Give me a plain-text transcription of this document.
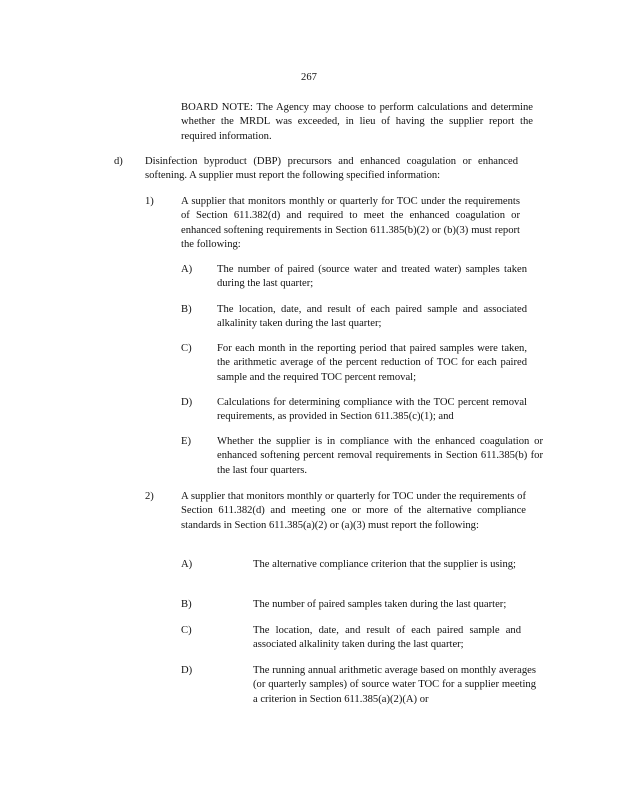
267
BOARD NOTE: The Agency may choose to perform calculations and determine whether the MRDL was exceeded, in lieu of having the supplier report the required information.
d) Disinfection byproduct (DBP) precursors and enhanced coagulation or enhanced softening. A supplier must report the following specified information:
1)	A supplier that monitors monthly or quarterly for TOC under the requirements of Section 611.382(d) and required to meet the enhanced coagulation or enhanced softening requirements in Section 611.385(b)(2) or (b)(3) must report the following:
A) The number of paired (source water and treated water) samples taken during the last quarter;
B) The location, date, and result of each paired sample and associated alkalinity taken during the last quarter;
C) For each month in the reporting period that paired samples were taken, the arithmetic average of the percent reduction of TOC for each paired sample and the required TOC percent removal;
D) Calculations for determining compliance with the TOC percent removal requirements, as provided in Section 611.385(c)(1); and
E) Whether the supplier is in compliance with the enhanced coagulation or enhanced softening percent removal requirements in Section 611.385(b) for the last four quarters.
2)	A supplier that monitors monthly or quarterly for TOC under the requirements of Section 611.382(d) and meeting one or more of the alternative compliance standards in Section 611.385(a)(2) or (a)(3) must report the following:
A)	The alternative compliance criterion that the supplier is using;
B)	The number of paired samples taken during the last quarter;
C)	The location, date, and result of each paired sample and associated alkalinity taken during the last quarter;
D)	The running annual arithmetic average based on monthly averages (or quarterly samples) of source water TOC for a supplier meeting a criterion in Section 611.385(a)(2)(A) or
